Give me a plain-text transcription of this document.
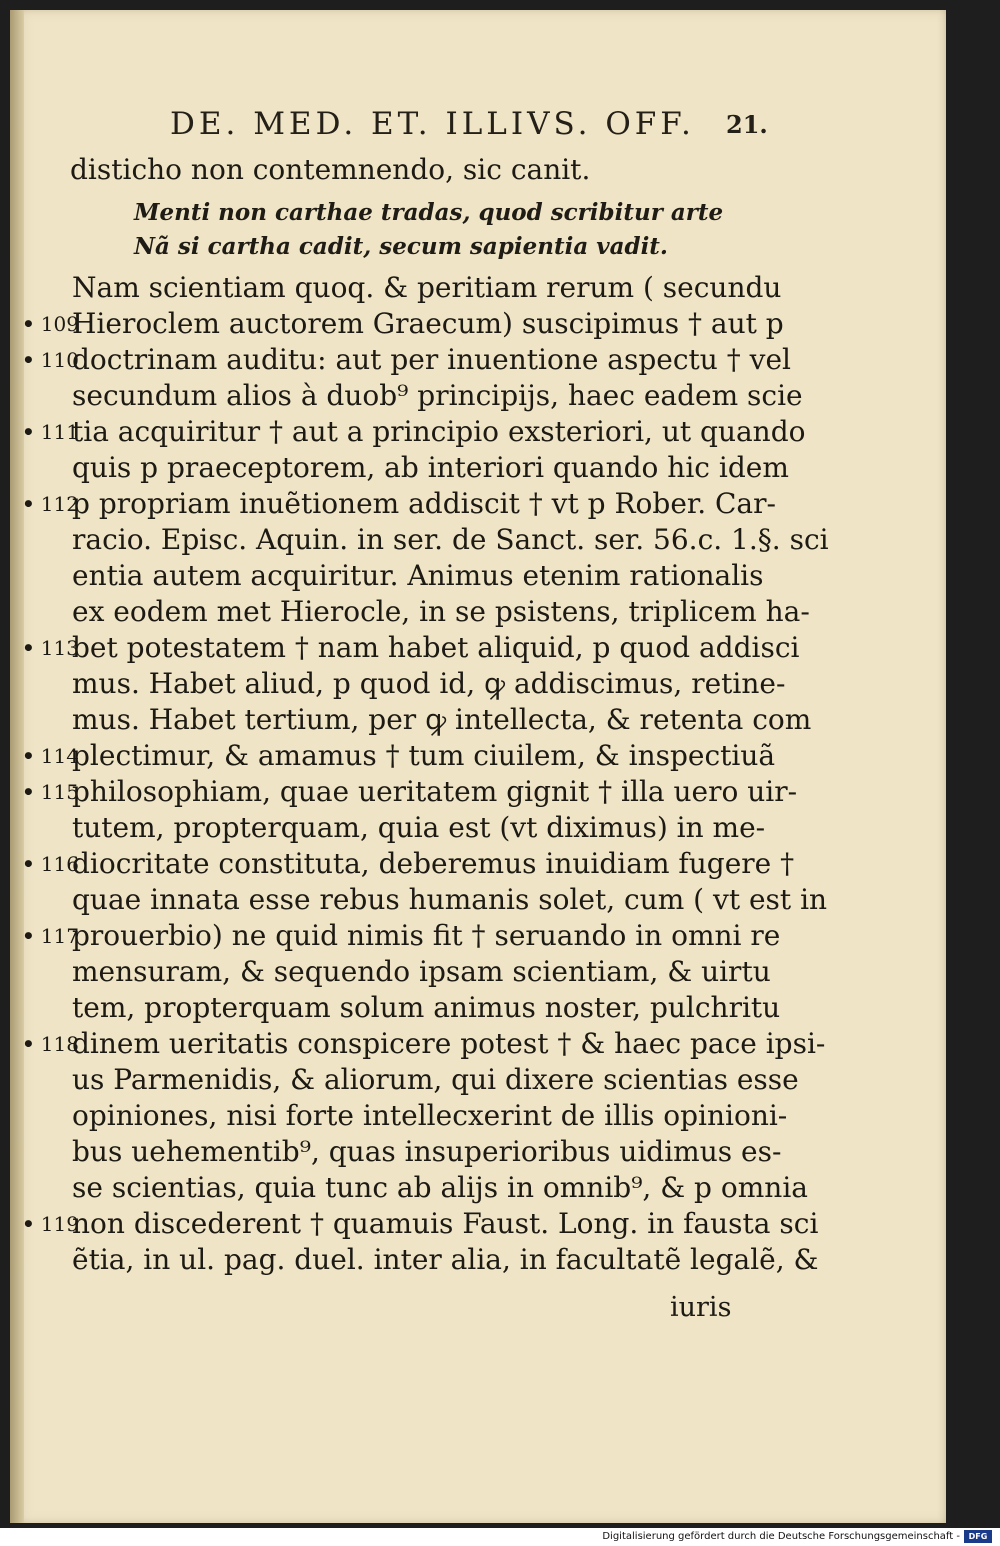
DE. MED. ET. ILLIVS. OFF. 21.
disticho non contemnendo, sic canit.
Menti non carthae tradas, quod scribitur arte
Nã si cartha cadit, secum sapientia vadit.
Nam scientiam quoq. & peritiam rerum ( secundu
Hieroclem auctorem Graecum) suscipimus † aut p
doctrinam auditu: aut per inuentione aspectu † vel
secundum alios à duob⁹ principijs, haec eadem scie
tia acquiritur † aut a principio exsteriori, ut quando
quis p praeceptorem, ab interiori quando hic idem
p propriam inuẽtionem addiscit † vt p Rober. Car-
racio. Episc. Aquin. in ser. de Sanct. ser. 56.c. 1.§. sci
entia autem acquiritur. Animus etenim rationalis
ex eodem met Hierocle, in se psistens, triplicem ha-
bet potestatem † nam habet aliquid, p quod addisci
mus. Habet aliud, p quod id, ꝙ addiscimus, retine-
mus. Habet tertium, per ꝙ intellecta, & retenta com
plectimur, & amamus † tum ciuilem, & inspectiuã
philosophiam, quae ueritatem gignit † illa uero uir-
tutem, propterquam, quia est (vt diximus) in me-
diocritate constituta, deberemus inuidiam fugere †
quae innata esse rebus humanis solet, cum ( vt est in
prouerbio) ne quid nimis fit † seruando in omni re
mensuram, & sequendo ipsam scientiam, & uirtu
tem, propterquam solum animus noster, pulchritu
dinem ueritatis conspicere potest † & haec pace ipsi-
us Parmenidis, & aliorum, qui dixere scientias esse
opiniones, nisi forte intellecxerint de illis opinioni-
bus uehementib⁹, quas insuperioribus uidimus es-
se scientias, quia tunc ab alijs in omnib⁹, & p omnia
non discederent † quamuis Faust. Long. in fausta sci
ẽtia, in ul. pag. duel. inter alia, in facultatẽ legalẽ, &
• 109
• 110
• 111
• 112
• 113
• 114
• 115
• 116
• 117
• 118
• 119
iuris
Digitalisierung gefördert durch die Deutsche Forschungsgemeinschaft -	DFG
